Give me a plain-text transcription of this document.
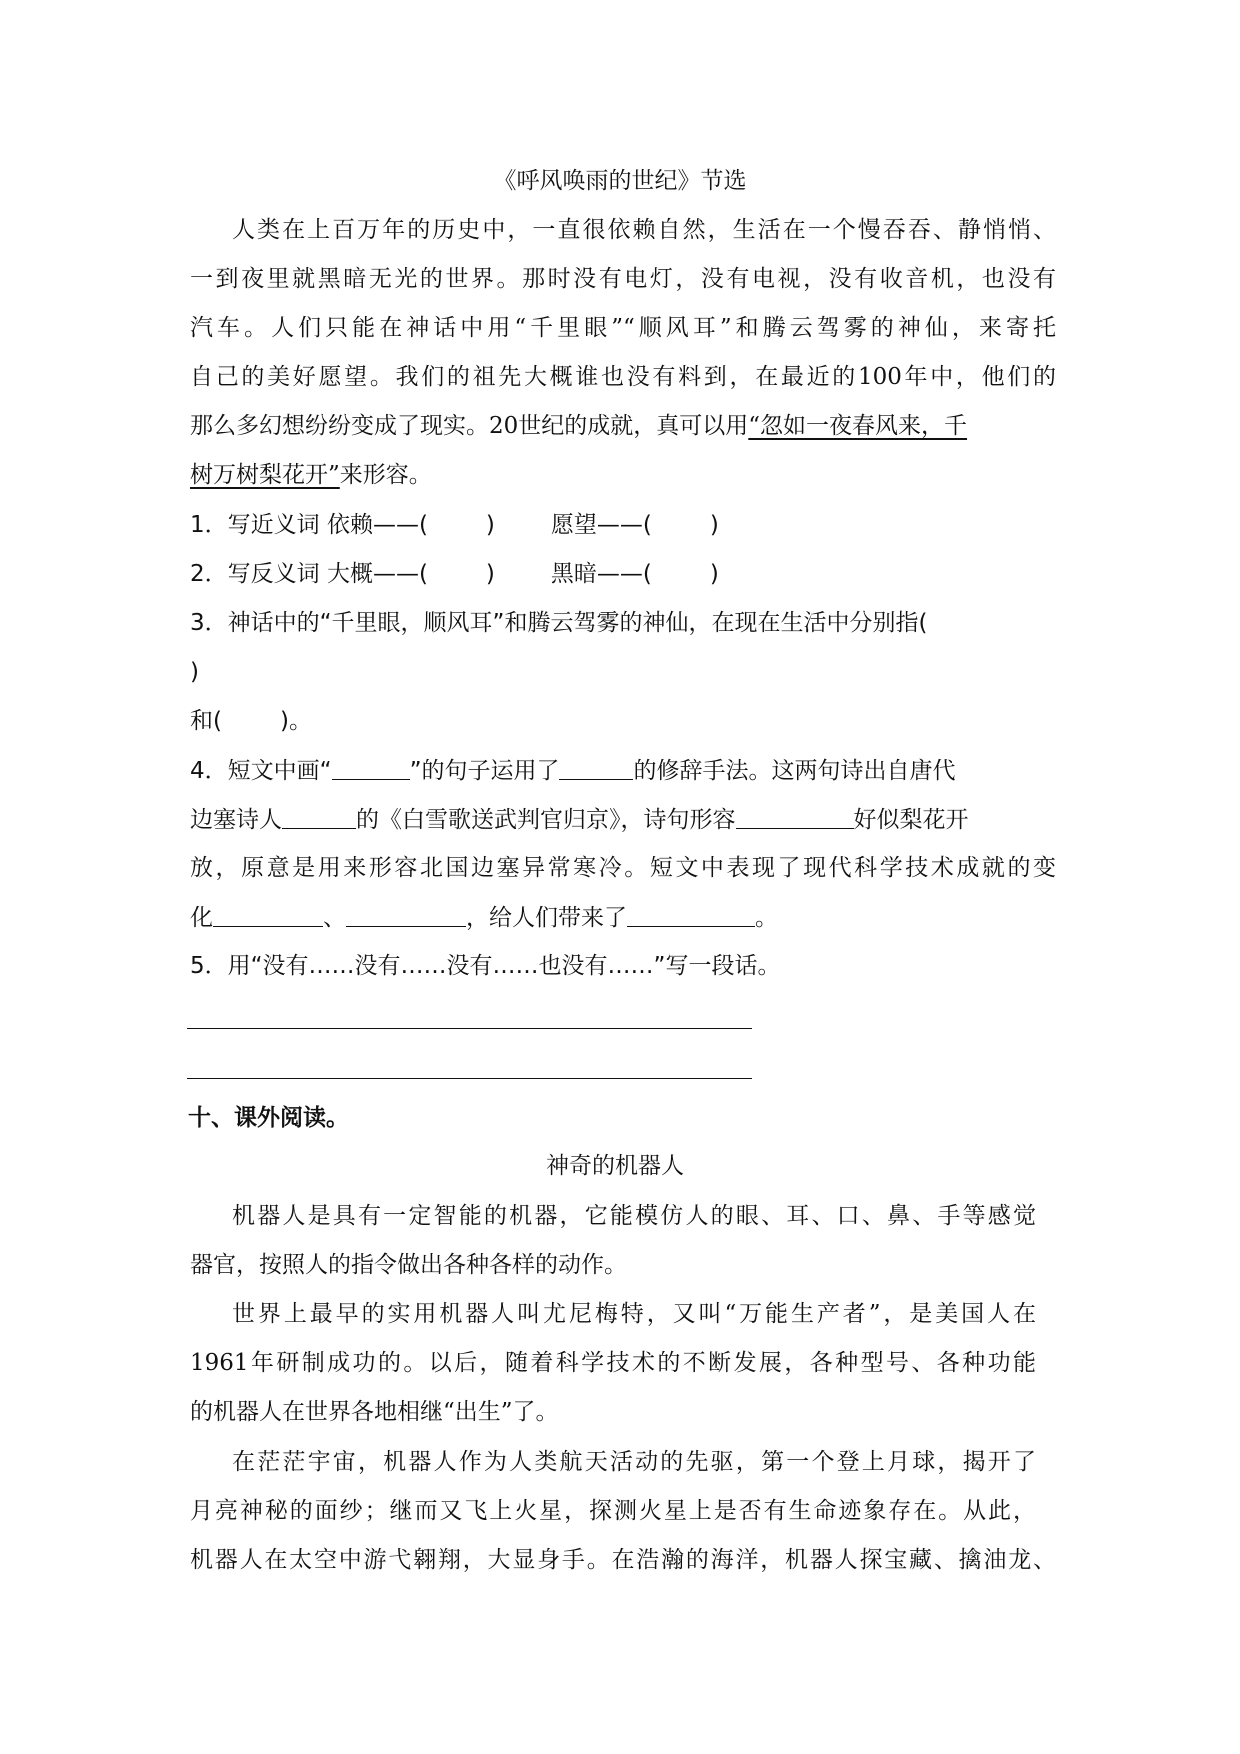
《呼风唤雨的世纪》节选
人类在上百万年的历史中，一直很依赖自然，生活在一个慢吞吞、静悄悄、
一到夜里就黑暗无光的世界。那时没有电灯，没有电视，没有收音机，也没有
汽车。人们只能在神话中用“千里眼”“顺风耳”和腾云驾雾的神仙，来寄托
自己的美好愿望。我们的祖先大概谁也没有料到，在最近的100年中，他们的
那么多幻想纷纷变成了现实。20世纪的成就，真可以用“忽如一夜春风来，千
树万树梨花开”来形容。
1．写近义词 依赖——(	) 愿望——(	)
2．写反义词 大概——(	) 黑暗——(	)
3．神话中的“千里眼，顺风耳”和腾云驾雾的神仙，在现在生活中分别指(
)
和(	)。
4．短文中画“	”的句子运用了	的修辞手法。这两句诗出自唐代
边塞诗人	的《白雪歌送武判官归京》，诗句形容	好似梨花开
放，原意是用来形容北国边塞异常寒冷。短文中表现了现代科学技术成就的变
化	、	，给人们带来了	。
5．用“没有……没有……没有……也没有……”写一段话。
十、课外阅读。
神奇的机器人
机器人是具有一定智能的机器，它能模仿人的眼、耳、口、鼻、手等感觉
器官，按照人的指令做出各种各样的动作。
世界上最早的实用机器人叫尤尼梅特，又叫“万能生产者”，是美国人在
1961年研制成功的。以后，随着科学技术的不断发展，各种型号、各种功能
的机器人在世界各地相继“出生”了。
在茫茫宇宙，机器人作为人类航天活动的先驱，第一个登上月球，揭开了
月亮神秘的面纱；继而又飞上火星，探测火星上是否有生命迹象存在。从此，
机器人在太空中游弋翱翔，大显身手。在浩瀚的海洋，机器人探宝藏、擒油龙、
